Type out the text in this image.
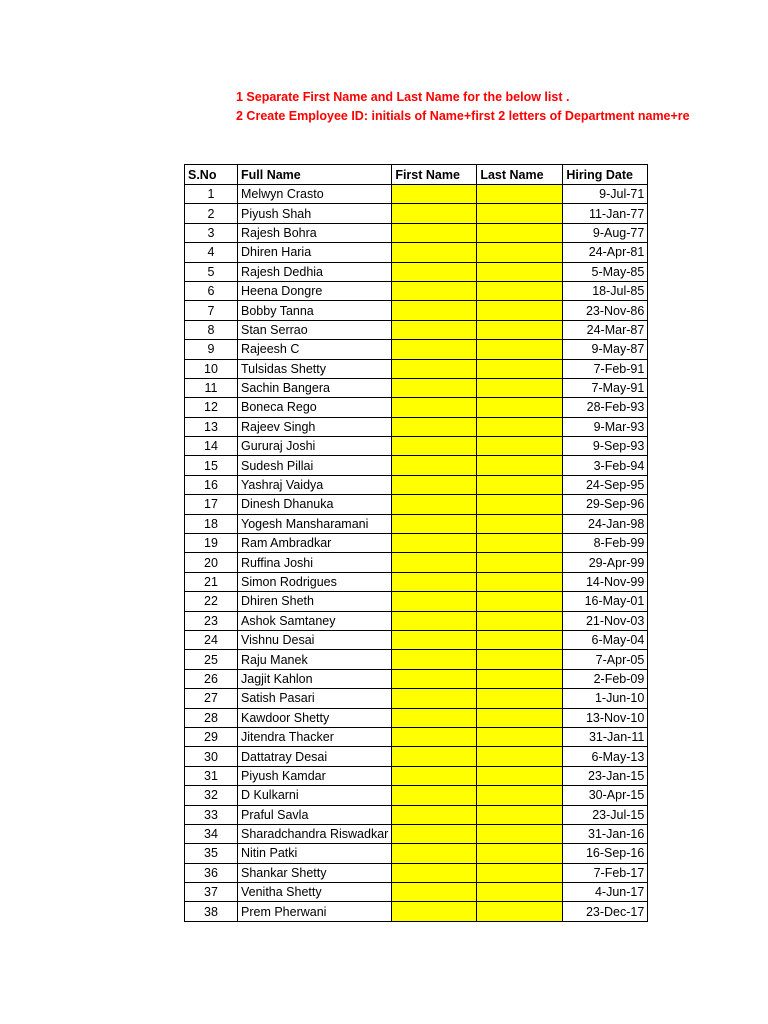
1 Separate First Name and Last Name for the below list .
2 Create Employee ID: initials of Name+first 2 letters of Department name+re
S.No	Full Name	First Name	Last Name	Hiring Date
1	Melwyn Crasto			9-Jul-71
2	Piyush Shah			11-Jan-77
3	Rajesh Bohra			9-Aug-77
4	Dhiren Haria			24-Apr-81
5	Rajesh Dedhia			5-May-85
6	Heena Dongre			18-Jul-85
7	Bobby Tanna			23-Nov-86
8	Stan Serrao			24-Mar-87
9	Rajeesh C			9-May-87
10	Tulsidas Shetty			7-Feb-91
11	Sachin Bangera			7-May-91
12	Boneca Rego			28-Feb-93
13	Rajeev Singh			9-Mar-93
14	Gururaj Joshi			9-Sep-93
15	Sudesh Pillai			3-Feb-94
16	Yashraj Vaidya			24-Sep-95
17	Dinesh Dhanuka			29-Sep-96
18	Yogesh Mansharamani			24-Jan-98
19	Ram Ambradkar			8-Feb-99
20	Ruffina Joshi			29-Apr-99
21	Simon Rodrigues			14-Nov-99
22	Dhiren Sheth			16-May-01
23	Ashok Samtaney			21-Nov-03
24	Vishnu Desai			6-May-04
25	Raju Manek			7-Apr-05
26	Jagjit Kahlon			2-Feb-09
27	Satish Pasari			1-Jun-10
28	Kawdoor Shetty			13-Nov-10
29	Jitendra Thacker			31-Jan-11
30	Dattatray Desai			6-May-13
31	Piyush Kamdar			23-Jan-15
32	D Kulkarni			30-Apr-15
33	Praful Savla			23-Jul-15
34	Sharadchandra Riswadkar			31-Jan-16
35	Nitin Patki			16-Sep-16
36	Shankar Shetty			7-Feb-17
37	Venitha Shetty			4-Jun-17
38	Prem Pherwani			23-Dec-17
